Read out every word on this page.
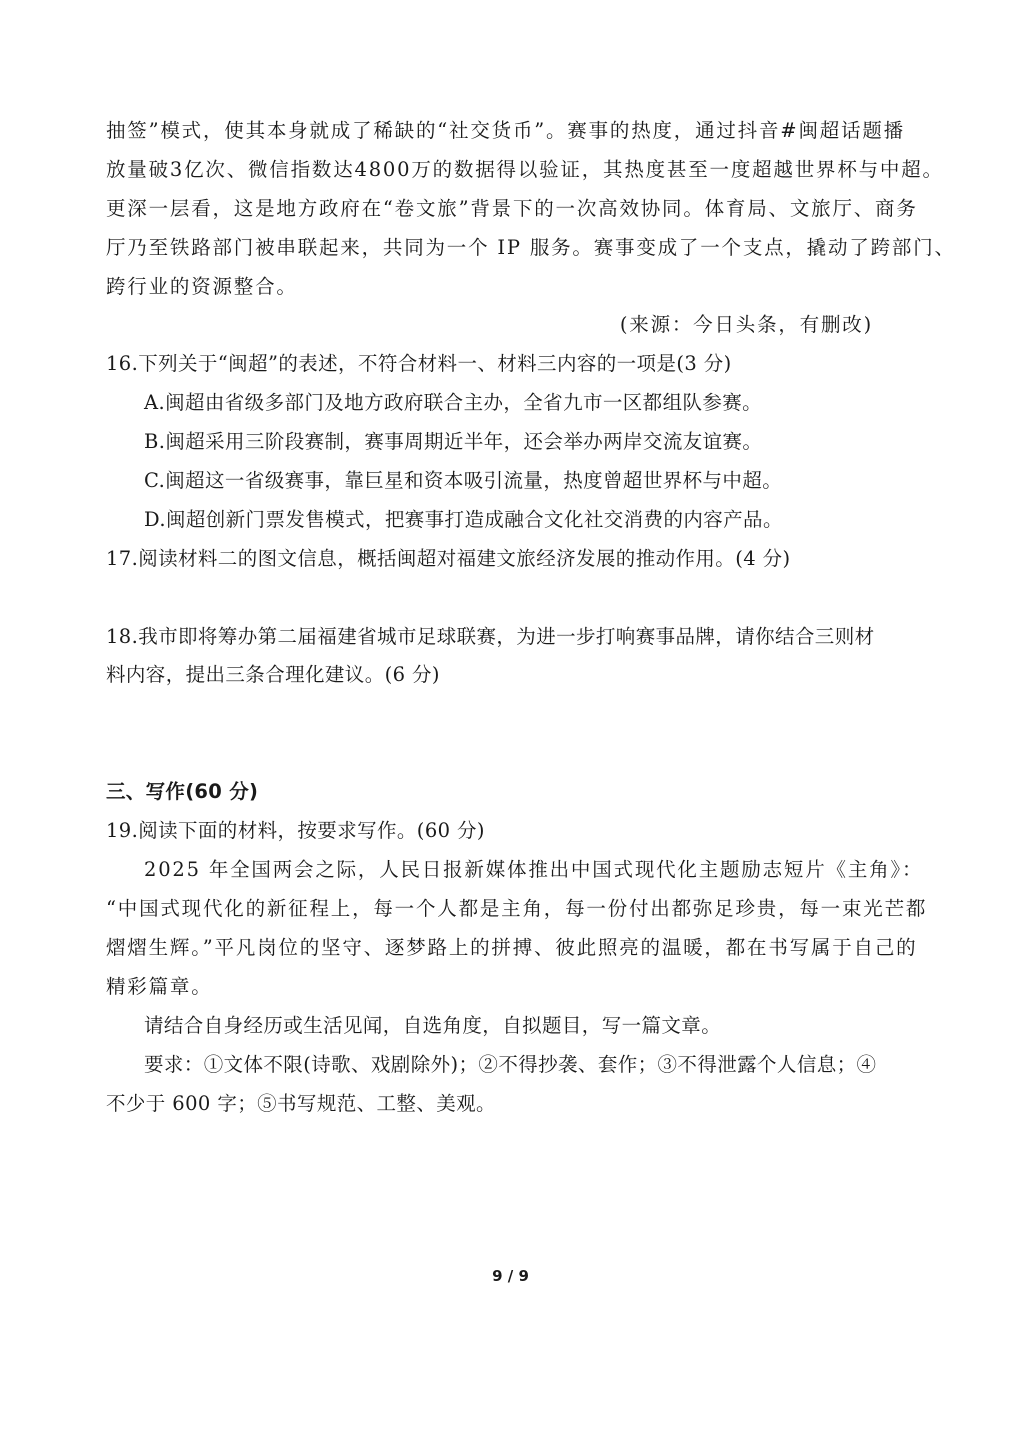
抽签”模式，使其本身就成了稀缺的“社交货币”。赛事的热度，通过抖音#闽超话题播
放量破3亿次、微信指数达4800万的数据得以验证，其热度甚至一度超越世界杯与中超。
更深一层看，这是地方政府在“卷文旅”背景下的一次高效协同。体育局、文旅厅、商务
厅乃至铁路部门被串联起来，共同为一个 IP 服务。赛事变成了一个支点，撬动了跨部门、
跨行业的资源整合。
(来源：今日头条，有删改)
16.下列关于“闽超”的表述，不符合材料一、材料三内容的一项是(3 分)
A.闽超由省级多部门及地方政府联合主办，全省九市一区都组队参赛。
B.闽超采用三阶段赛制，赛事周期近半年，还会举办两岸交流友谊赛。
C.闽超这一省级赛事，靠巨星和资本吸引流量，热度曾超世界杯与中超。
D.闽超创新门票发售模式，把赛事打造成融合文化社交消费的内容产品。
17.阅读材料二的图文信息，概括闽超对福建文旅经济发展的推动作用。(4 分)
18.我市即将筹办第二届福建省城市足球联赛，为进一步打响赛事品牌，请你结合三则材
料内容，提出三条合理化建议。(6 分)
三、写作(60 分)
19.阅读下面的材料，按要求写作。(60 分)
2025 年全国两会之际，人民日报新媒体推出中国式现代化主题励志短片《主角》：
“中国式现代化的新征程上，每一个人都是主角，每一份付出都弥足珍贵，每一束光芒都
熠熠生辉。”平凡岗位的坚守、逐梦路上的拼搏、彼此照亮的温暖，都在书写属于自己的
精彩篇章。
请结合自身经历或生活见闻，自选角度，自拟题目，写一篇文章。
要求：①文体不限(诗歌、戏剧除外)；②不得抄袭、套作；③不得泄露个人信息；④
不少于 600 字；⑤书写规范、工整、美观。
9 / 9
